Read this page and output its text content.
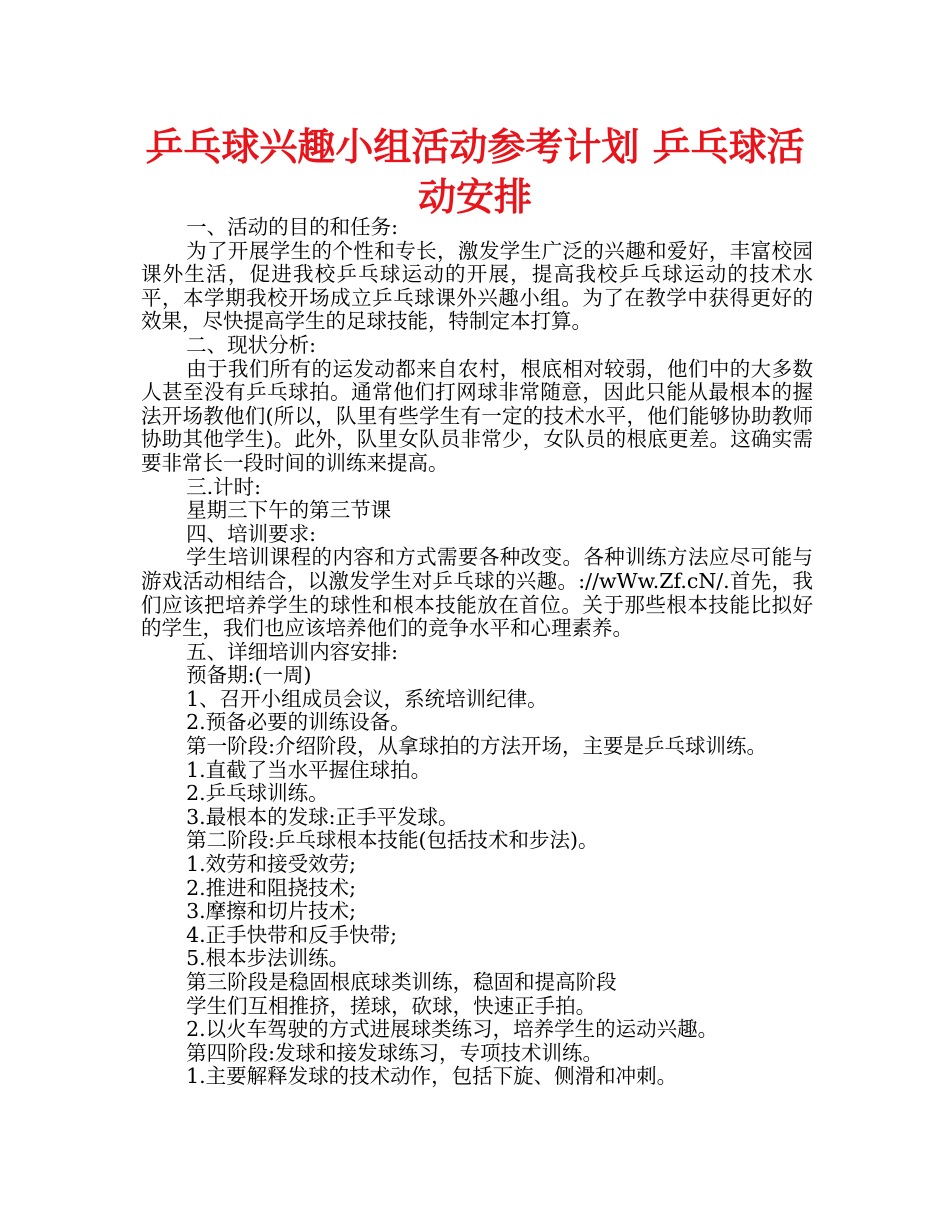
乒乓球兴趣小组活动参考计划 乒乓球活动安排

一、活动的目的和任务:

为了开展学生的个性和专长，激发学生广泛的兴趣和爱好，丰富校园课外生活，促进我校乒乓球运动的开展，提高我校乒乓球运动的技术水平，本学期我校开场成立乒乓球课外兴趣小组。为了在教学中获得更好的效果，尽快提高学生的足球技能，特制定本打算。

二、现状分析:

由于我们所有的运发动都来自农村，根底相对较弱，他们中的大多数人甚至没有乒乓球拍。通常他们打网球非常随意，因此只能从最根本的握法开场教他们(所以，队里有些学生有一定的技术水平，他们能够协助教师协助其他学生)。此外，队里女队员非常少，女队员的根底更差。这确实需要非常长一段时间的训练来提高。

三.计时:

星期三下午的第三节课

四、培训要求:

学生培训课程的内容和方式需要各种改变。各种训练方法应尽可能与游戏活动相结合，以激发学生对乒乓球的兴趣。://wWw.Zf.cN/.首先，我们应该把培养学生的球性和根本技能放在首位。关于那些根本技能比拟好的学生，我们也应该培养他们的竞争水平和心理素养。

五、详细培训内容安排:

预备期:(一周)

1、召开小组成员会议，系统培训纪律。

2.预备必要的训练设备。

第一阶段:介绍阶段，从拿球拍的方法开场，主要是乒乓球训练。

1.直截了当水平握住球拍。

2.乒乓球训练。

3.最根本的发球:正手平发球。

第二阶段:乒乓球根本技能(包括技术和步法)。

1.效劳和接受效劳;

2.推进和阻挠技术;

3.摩擦和切片技术;

4.正手快带和反手快带;

5.根本步法训练。

第三阶段是稳固根底球类训练，稳固和提高阶段

学生们互相推挤，搓球，砍球，快速正手拍。

2.以火车驾驶的方式进展球类练习，培养学生的运动兴趣。

第四阶段:发球和接发球练习，专项技术训练。

1.主要解释发球的技术动作，包括下旋、侧滑和冲刺。
